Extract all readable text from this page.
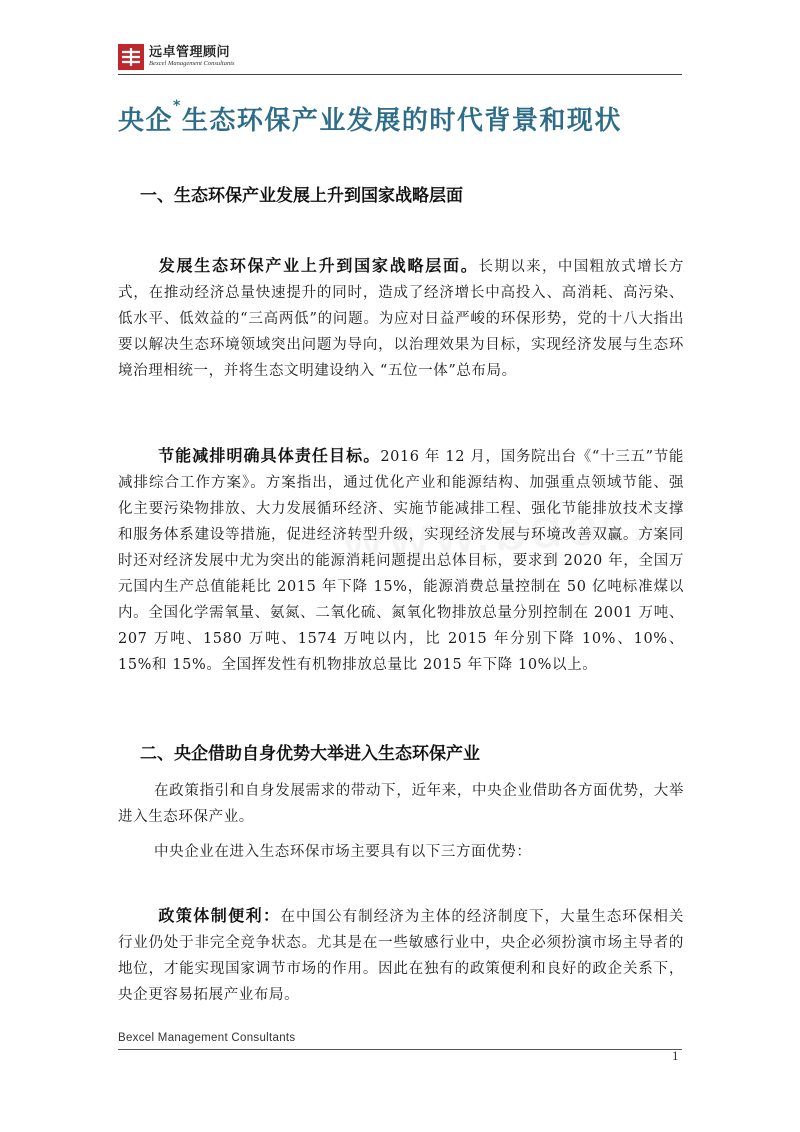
远卓管理顾问
Bexcel Management Consultants
央企*生态环保产业发展的时代背景和现状
一、生态环保产业发展上升到国家战略层面

发展生态环保产业上升到国家战略层面。长期以来，中国粗放式增长方式，在推动经济总量快速提升的同时，造成了经济增长中高投入、高消耗、高污染、低水平、低效益的“三高两低”的问题。为应对日益严峻的环保形势，党的十八大指出要以解决生态环境领域突出问题为导向，以治理效果为目标，实现经济发展与生态环境治理相统一，并将生态文明建设纳入 “五位一体”总布局。

节能减排明确具体责任目标。2016 年 12 月，国务院出台《“十三五”节能减排综合工作方案》。方案指出，通过优化产业和能源结构、加强重点领域节能、强化主要污染物排放、大力发展循环经济、实施节能减排工程、强化节能排放技术支撑和服务体系建设等措施，促进经济转型升级，实现经济发展与环境改善双赢。方案同时还对经济发展中尤为突出的能源消耗问题提出总体目标，要求到 2020 年，全国万元国内生产总值能耗比 2015 年下降 15%，能源消费总量控制在 50 亿吨标准煤以内。全国化学需氧量、氨氮、二氧化硫、氮氧化物排放总量分别控制在 2001 万吨、207 万吨、1580 万吨、1574 万吨以内，比 2015 年分别下降 10%、10%、15%和 15%。全国挥发性有机物排放总量比 2015 年下降 10%以上。

二、央企借助自身优势大举进入生态环保产业

在政策指引和自身发展需求的带动下，近年来，中央企业借助各方面优势，大举进入生态环保产业。

中央企业在进入生态环保市场主要具有以下三方面优势：

政策体制便利：在中国公有制经济为主体的经济制度下，大量生态环保相关行业仍处于非完全竞争状态。尤其是在一些敏感行业中，央企必须扮演市场主导者的地位，才能实现国家调节市场的作用。因此在独有的政策便利和良好的政企关系下，央企更容易拓展产业布局。

Bexcel Management Consultants
1
